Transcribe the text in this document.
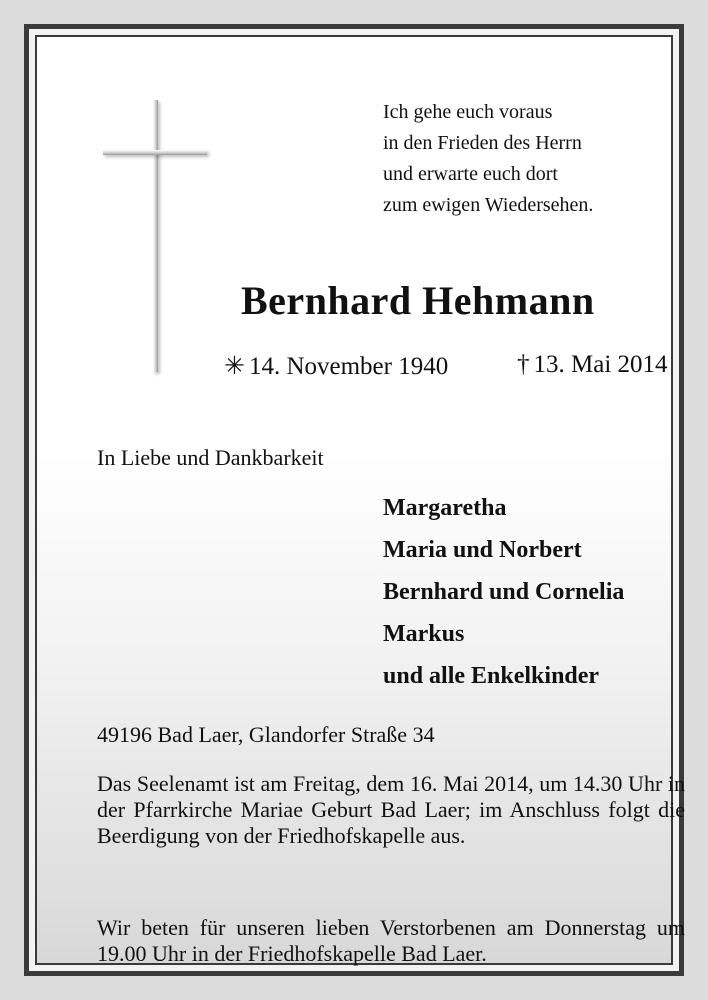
Ich gehe euch voraus
in den Frieden des Herrn
und erwarte euch dort
zum ewigen Wiedersehen.
Bernhard Hehmann
✳ 14. November 1940	† 13. Mai 2014
In Liebe und Dankbarkeit
Margaretha
Maria und Norbert
Bernhard und Cornelia
Markus
und alle Enkelkinder
49196 Bad Laer, Glandorfer Straße 34
Das Seelenamt ist am Freitag, dem 16. Mai 2014, um 14.30 Uhr in der Pfarrkirche Mariae Geburt Bad Laer; im Anschluss folgt die Beerdigung von der Friedhofskapelle aus.
Wir beten für unseren lieben Verstorbenen am Donnerstag um 19.00 Uhr in der Friedhofskapelle Bad Laer.
